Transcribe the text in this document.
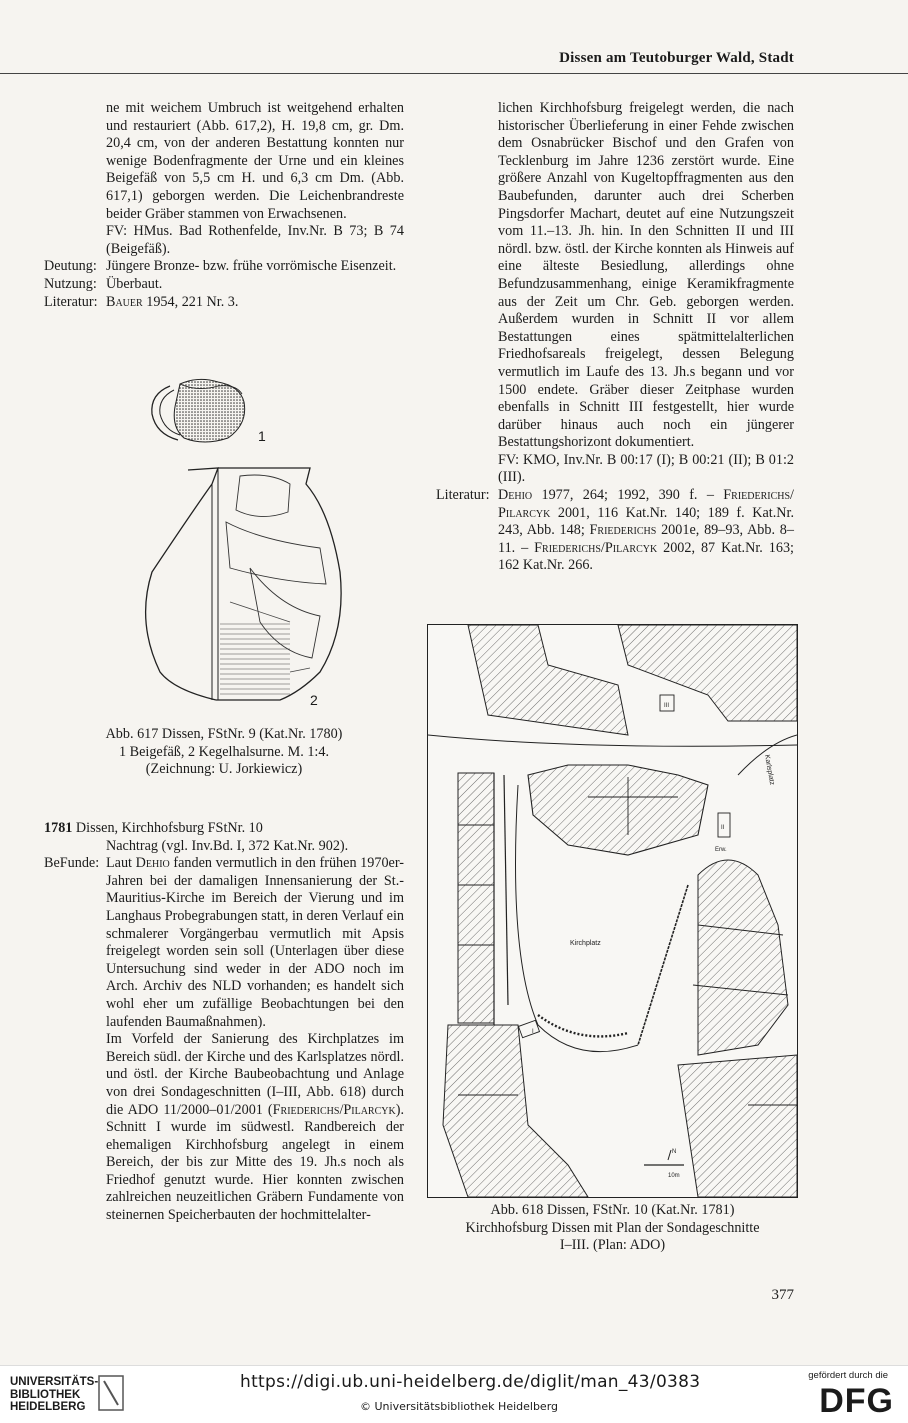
Dissen am Teutoburger Wald, Stadt

ne mit weichem Umbruch ist weitgehend erhalten und restauriert (Abb. 617,2), H. 19,8 cm, gr. Dm. 20,4 cm, von der anderen Bestattung konnten nur wenige Bodenfragmente der Urne und ein kleines Beigefäß von 5,5 cm H. und 6,3 cm Dm. (Abb. 617,1) geborgen werden. Die Leichenbrandreste beider Gräber stammen von Erwachsenen.

FV: HMus. Bad Rothenfelde, Inv.Nr. B 73; B 74 (Beigefäß).

Deutung: Jüngere Bronze- bzw. frühe vorrömische Eisenzeit.
Nutzung: Überbaut.
Literatur: Bauer 1954, 221 Nr. 3.
1
2
Abb. 617 Dissen, FStNr. 9 (Kat.Nr. 1780)
1 Beigefäß, 2 Kegelhalsurne. M. 1:4.
(Zeichnung: U. Jorkiewicz)

1781 Dissen, Kirchhofsburg FStNr. 10

Nachtrag (vgl. Inv.Bd. I, 372 Kat.Nr. 902).

BeFunde: Laut Dehio fanden vermutlich in den frühen 1970er-Jahren bei der damaligen Innensanierung der St.-Mauritius-Kirche im Bereich der Vierung und im Langhaus Probegrabungen statt, in deren Verlauf ein schmalerer Vorgängerbau vermutlich mit Apsis freigelegt worden sein soll (Unterlagen über diese Untersuchung sind weder in der ADO noch im Arch. Archiv des NLD vorhanden; es handelt sich wohl eher um zufällige Beobachtungen bei den laufenden Baumaßnahmen).

Im Vorfeld der Sanierung des Kirchplatzes im Bereich südl. der Kirche und des Karlsplatzes nördl. und östl. der Kirche Baubeobachtung und Anlage von drei Sondageschnitten (I–III, Abb. 618) durch die ADO 11/2000–01/2001 (Friederichs/Pilarcyk). Schnitt I wurde im südwestl. Randbereich der ehemaligen Kirchhofsburg angelegt in einem Bereich, der bis zur Mitte des 19. Jh.s noch als Friedhof genutzt wurde. Hier konnten zwischen zahlreichen neuzeitlichen Gräbern Fundamente von steinernen Speicherbauten der hochmittelalter-

lichen Kirchhofsburg freigelegt werden, die nach historischer Überlieferung in einer Fehde zwischen dem Osnabrücker Bischof und den Grafen von Tecklenburg im Jahre 1236 zerstört wurde. Eine größere Anzahl von Kugeltopffragmenten aus den Baubefunden, darunter auch drei Scherben Pingsdorfer Machart, deutet auf eine Nutzungszeit vom 11.–13. Jh. hin. In den Schnitten II und III nördl. bzw. östl. der Kirche konnten als Hinweis auf eine älteste Besiedlung, allerdings ohne Befundzusammenhang, einige Keramikfragmente aus der Zeit um Chr. Geb. geborgen werden. Außerdem wurden in Schnitt II vor allem Bestattungen eines spätmittelalterlichen Friedhofsareals freigelegt, dessen Belegung vermutlich im Laufe des 13. Jh.s begann und vor 1500 endete. Gräber dieser Zeitphase wurden ebenfalls in Schnitt III festgestellt, hier wurde darüber hinaus auch noch ein jüngerer Bestattungshorizont dokumentiert.

FV: KMO, Inv.Nr. B 00:17 (I); B 00:21 (II); B 01:2 (III).

Literatur: Dehio 1977, 264; 1992, 390 f. – Friederichs/ Pilarcyk 2001, 116 Kat.Nr. 140; 189 f. Kat.Nr. 243, Abb. 148; Friederichs 2001e, 89–93, Abb. 8–11. – Friederichs/Pilarcyk 2002, 87 Kat.Nr. 163; 162 Kat.Nr. 266.
Karlsplatz
Kirchplatz
Erw.
I
II
III
10m
N
Abb. 618 Dissen, FStNr. 10 (Kat.Nr. 1781)
Kirchhofsburg Dissen mit Plan der Sondageschnitte
I–III. (Plan: ADO)
377
UNIVERSITÄTS-
BIBLIOTHEK
HEIDELBERG
https://digi.ub.uni-heidelberg.de/diglit/man_43/0383
© Universitätsbibliothek Heidelberg
gefördert durch die
DFG
